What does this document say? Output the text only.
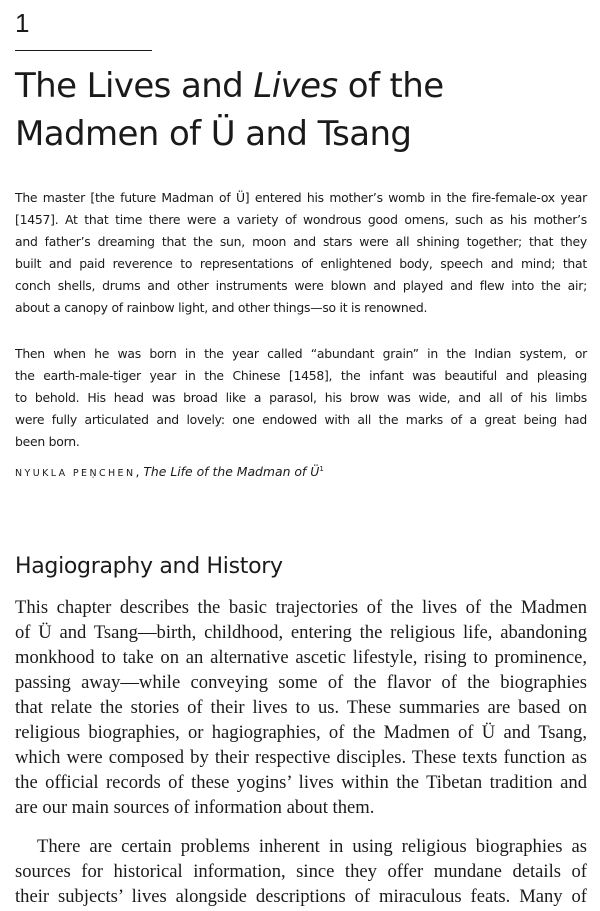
1
The Lives and Lives of the
Madmen of Ü and Tsang
The master [the future Madman of Ü] entered his mother’s womb in the fire-female-ox year
[1457]. At that time there were a variety of wondrous good omens, such as his mother’s
and father’s dreaming that the sun, moon and stars were all shining together; that they
built and paid reverence to representations of enlightened body, speech and mind; that
conch shells, drums and other instruments were blown and played and flew into the air;
about a canopy of rainbow light, and other things—so it is renowned.
Then when he was born in the year called “abundant grain” in the Indian system, or
the earth-male-tiger year in the Chinese [1458], the infant was beautiful and pleasing
to behold. His head was broad like a parasol, his brow was wide, and all of his limbs
were fully articulated and lovely: one endowed with all the marks of a great being had
been born.
NYUKLA PEṆCHEN, The Life of the Madman of $Ü^1$
Hagiography and History
This chapter describes the basic trajectories of the lives of the Madmen
of Ü and Tsang—birth, childhood, entering the religious life, abandoning
monkhood to take on an alternative ascetic lifestyle, rising to prominence,
passing away—while conveying some of the flavor of the biographies
that relate the stories of their lives to us. These summaries are based on
religious biographies, or hagiographies, of the Madmen of Ü and Tsang,
which were composed by their respective disciples. These texts function as
the official records of these yogins’ lives within the Tibetan tradition and
are our main sources of information about them.
There are certain problems inherent in using religious biographies as
sources for historical information, since they offer mundane details of
their subjects’ lives alongside descriptions of miraculous feats. Many of
